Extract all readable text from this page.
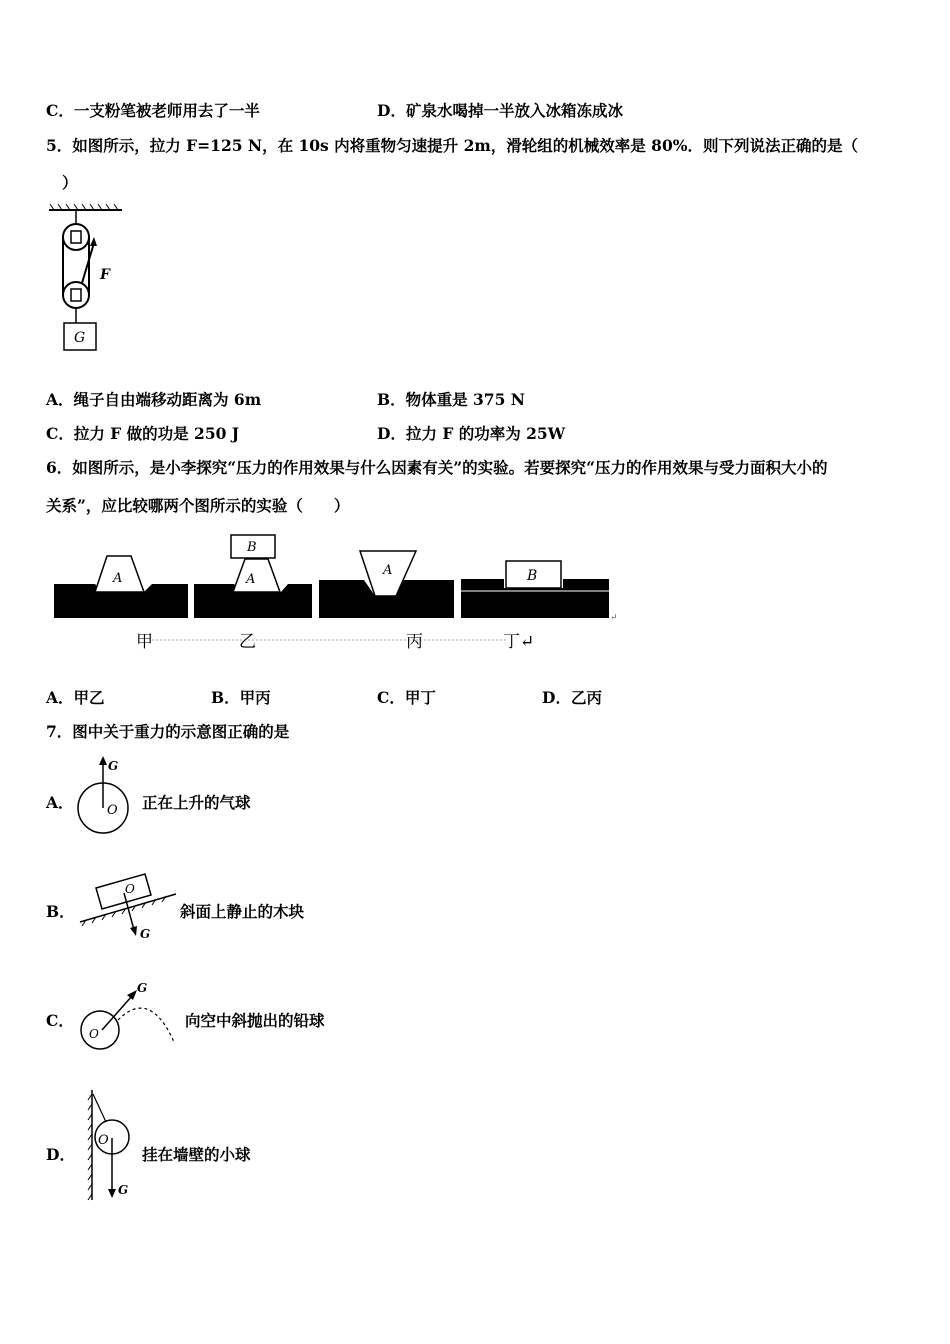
C．一支粉笔被老师用去了一半	D．矿泉水喝掉一半放入冰箱冻成冰
5．如图所示，拉力 F=125 N，在 10s 内将重物匀速提升 2m，滑轮组的机械效率是 80%．则下列说法正确的是（
）
F
G
A．绳子自由端移动距离为 6m	B．物体重是 375 N
C．拉力 F 做的功是 250 J	D．拉力 F 的功率为 25W
6．如图所示，是小李探究“压力的作用效果与什么因素有关”的实验。若要探究“压力的作用效果与受力面积大小的
关系”，应比较哪两个图所示的实验（　　）
A
B
A
A	B
↵
甲	乙	丙	丁↵
A．甲乙	B．甲丙	C．甲丁	D．乙丙
7．图中关于重力的示意图正确的是
A．
G
O 正在上升的气球
B．
O
G
斜面上静止的木块
C．
O
G
向空中斜抛出的铅球
D．
O
G
挂在墙壁的小球
